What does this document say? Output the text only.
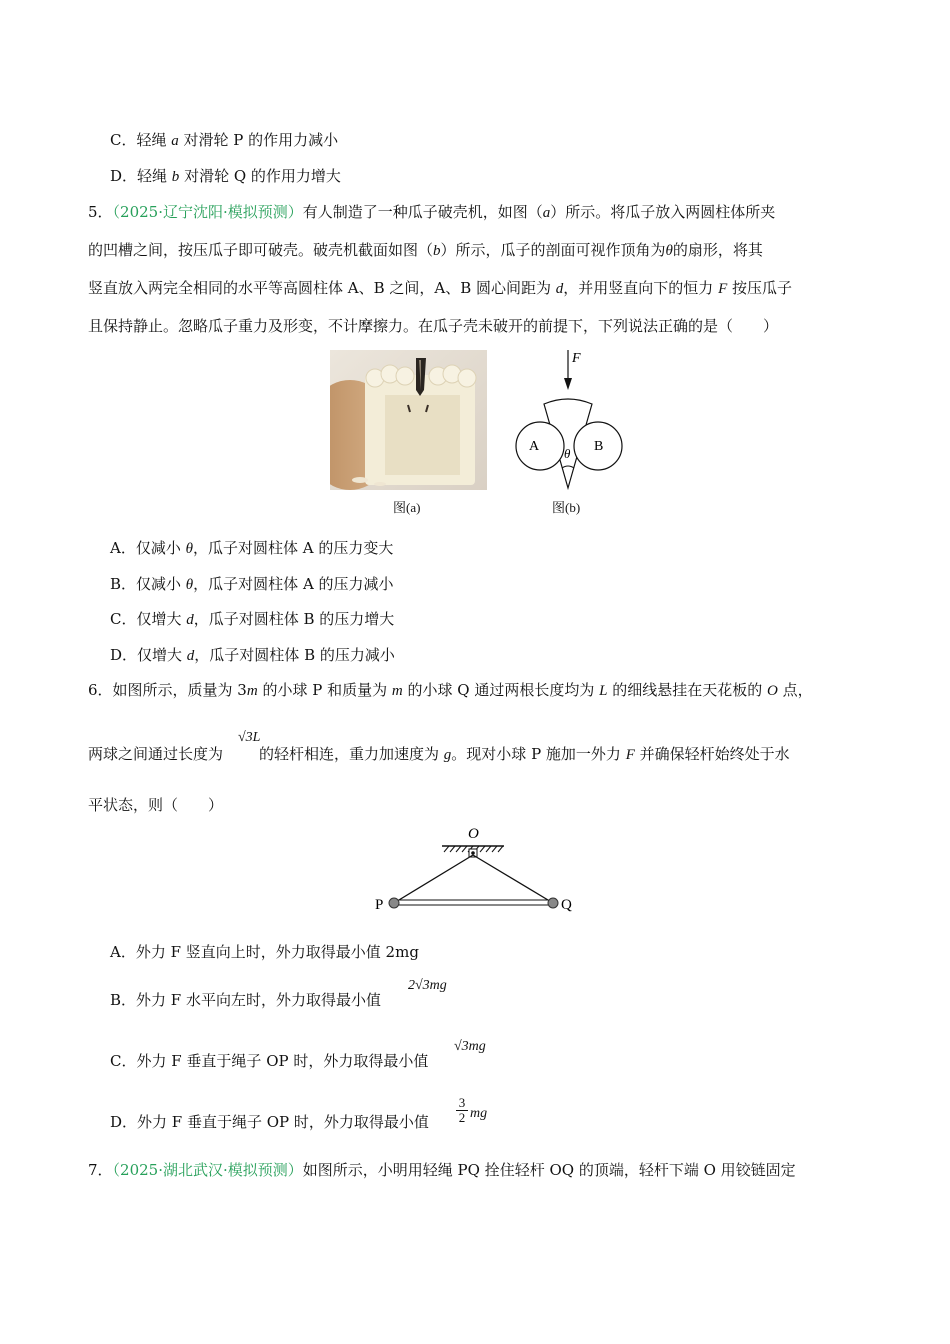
C．轻绳 a 对滑轮 P 的作用力减小
D．轻绳 b 对滑轮 Q 的作用力增大
5．（2025·辽宁沈阳·模拟预测）有人制造了一种瓜子破壳机，如图（a）所示。将瓜子放入两圆柱体所夹
的凹槽之间，按压瓜子即可破壳。破壳机截面如图（b）所示，瓜子的剖面可视作顶角为θ的扇形，将其
竖直放入两完全相同的水平等高圆柱体 A、B 之间，A、B 圆心间距为 d，并用竖直向下的恒力 F 按压瓜子
且保持静止。忽略瓜子重力及形变，不计摩擦力。在瓜子壳未破开的前提下，下列说法正确的是（　　）
图(a)
F
A	B
θ
图(b)
A．仅减小 θ，瓜子对圆柱体 A 的压力变大
B．仅减小 θ，瓜子对圆柱体 A 的压力减小
C．仅增大 d，瓜子对圆柱体 B 的压力增大
D．仅增大 d，瓜子对圆柱体 B 的压力减小
6．如图所示，质量为 3m 的小球 P 和质量为 m 的小球 Q 通过两根长度均为 L 的细线悬挂在天花板的 O 点，
两球之间通过长度为 的轻杆相连，重力加速度为 g。现对小球 P 施加一外力 F 并确保轻杆始终处于水
√3L
平状态，则（　　）
O
P	Q
A．外力 F 竖直向上时，外力取得最小值 2mg
B．外力 F 水平向左时，外力取得最小值
2√3mg
C．外力 F 垂直于绳子 OP 时，外力取得最小值
√3mg
D．外力 F 垂直于绳子 OP 时，外力取得最小值
3
2 mg
7．（2025·湖北武汉·模拟预测）如图所示，小明用轻绳 PQ 拴住轻杆 OQ 的顶端，轻杆下端 O 用铰链固定
